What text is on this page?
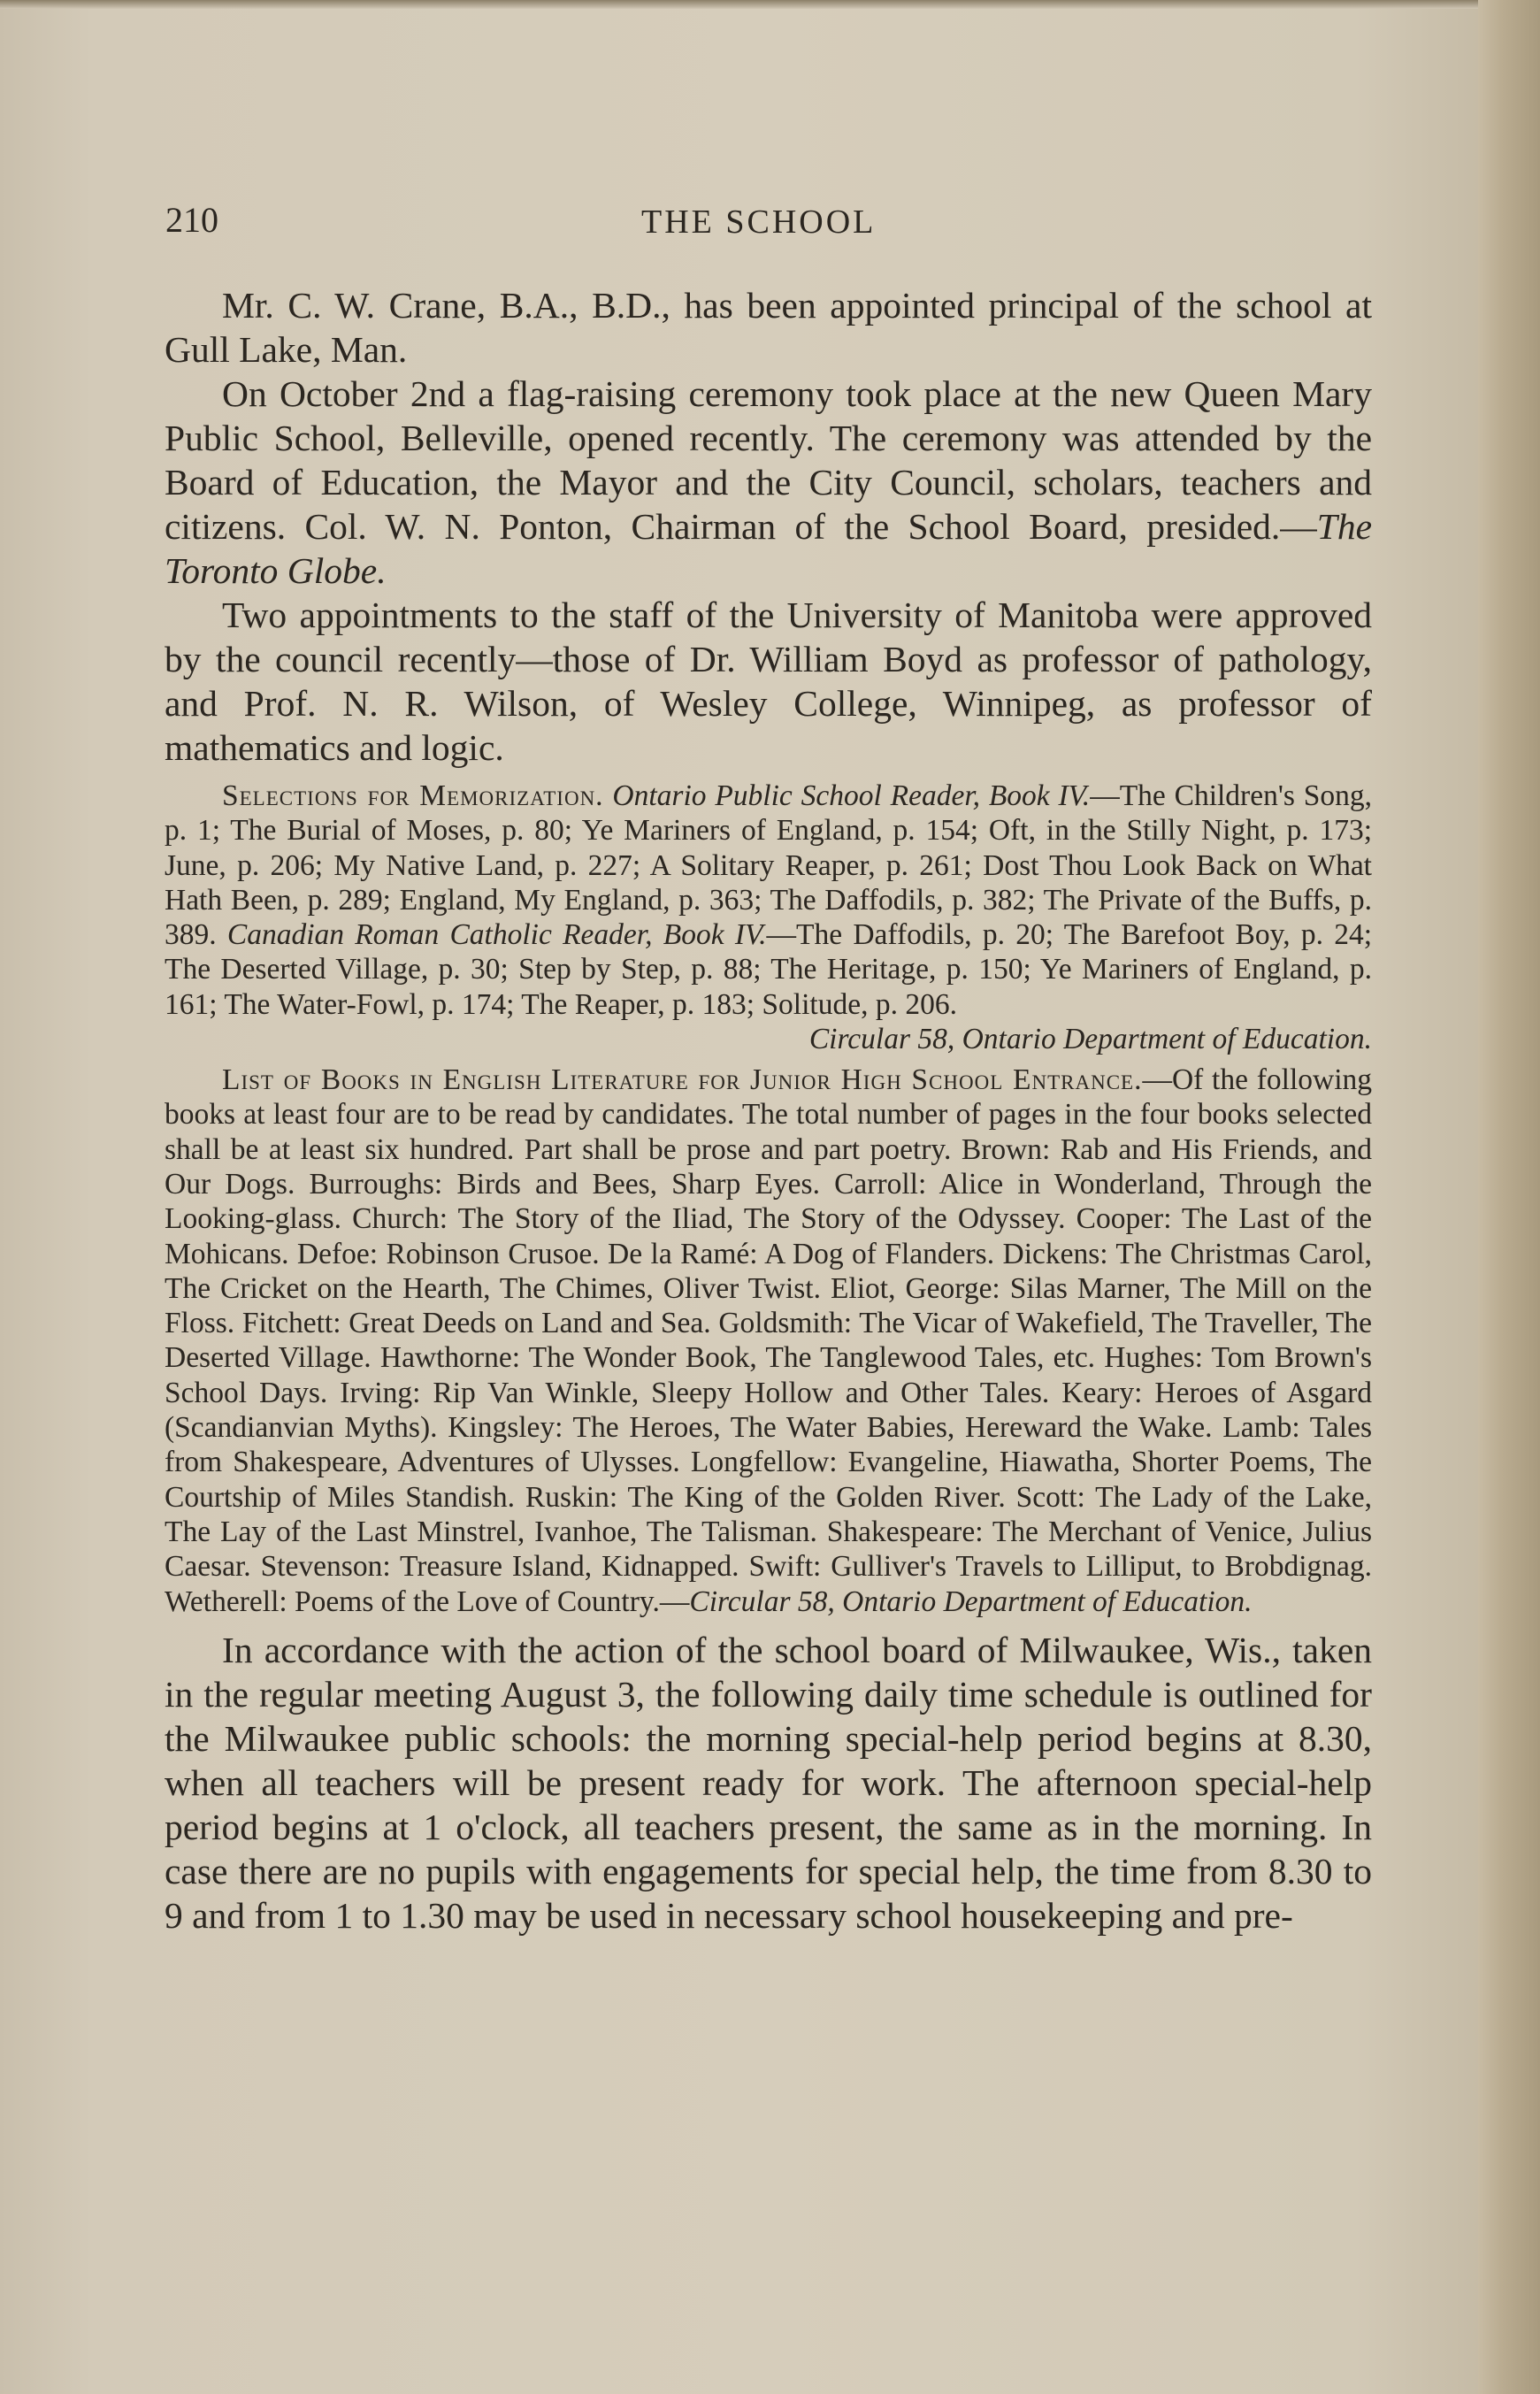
210	THE SCHOOL

Mr. C. W. Crane, B.A., B.D., has been appointed principal of the school at Gull Lake, Man.

On October 2nd a flag-raising ceremony took place at the new Queen Mary Public School, Belleville, opened recently. The ceremony was attended by the Board of Education, the Mayor and the City Council, scholars, teachers and citizens. Col. W. N. Ponton, Chairman of the School Board, presided.—The Toronto Globe.

Two appointments to the staff of the University of Manitoba were approved by the council recently—those of Dr. William Boyd as professor of pathology, and Prof. N. R. Wilson, of Wesley College, Winnipeg, as professor of mathematics and logic.

Selections for Memorization. Ontario Public School Reader, Book IV.—The Children's Song, p. 1; The Burial of Moses, p. 80; Ye Mariners of England, p. 154; Oft, in the Stilly Night, p. 173; June, p. 206; My Native Land, p. 227; A Solitary Reaper, p. 261; Dost Thou Look Back on What Hath Been, p. 289; England, My England, p. 363; The Daffodils, p. 382; The Private of the Buffs, p. 389. Canadian Roman Catholic Reader, Book IV.—The Daffodils, p. 20; The Barefoot Boy, p. 24; The Deserted Village, p. 30; Step by Step, p. 88; The Heritage, p. 150; Ye Mariners of England, p. 161; The Water-Fowl, p. 174; The Reaper, p. 183; Solitude, p. 206.

Circular 58, Ontario Department of Education.

List of Books in English Literature for Junior High School Entrance.—Of the following books at least four are to be read by candidates. The total number of pages in the four books selected shall be at least six hundred. Part shall be prose and part poetry. Brown: Rab and His Friends, and Our Dogs. Burroughs: Birds and Bees, Sharp Eyes. Carroll: Alice in Wonderland, Through the Looking-glass. Church: The Story of the Iliad, The Story of the Odyssey. Cooper: The Last of the Mohicans. Defoe: Robinson Crusoe. De la Ramé: A Dog of Flanders. Dickens: The Christmas Carol, The Cricket on the Hearth, The Chimes, Oliver Twist. Eliot, George: Silas Marner, The Mill on the Floss. Fitchett: Great Deeds on Land and Sea. Goldsmith: The Vicar of Wakefield, The Traveller, The Deserted Village. Hawthorne: The Wonder Book, The Tanglewood Tales, etc. Hughes: Tom Brown's School Days. Irving: Rip Van Winkle, Sleepy Hollow and Other Tales. Keary: Heroes of Asgard (Scandianvian Myths). Kingsley: The Heroes, The Water Babies, Hereward the Wake. Lamb: Tales from Shakespeare, Adventures of Ulysses. Longfellow: Evangeline, Hiawatha, Shorter Poems, The Courtship of Miles Standish. Ruskin: The King of the Golden River. Scott: The Lady of the Lake, The Lay of the Last Minstrel, Ivanhoe, The Talisman. Shakespeare: The Merchant of Venice, Julius Caesar. Stevenson: Treasure Island, Kidnapped. Swift: Gulliver's Travels to Lilliput, to Brobdignag. Wetherell: Poems of the Love of Country.—Circular 58, Ontario Department of Education.

In accordance with the action of the school board of Milwaukee, Wis., taken in the regular meeting August 3, the following daily time schedule is outlined for the Milwaukee public schools: the morning special-help period begins at 8.30, when all teachers will be present ready for work. The afternoon special-help period begins at 1 o'clock, all teachers present, the same as in the morning. In case there are no pupils with engagements for special help, the time from 8.30 to 9 and from 1 to 1.30 may be used in necessary school housekeeping and pre-
